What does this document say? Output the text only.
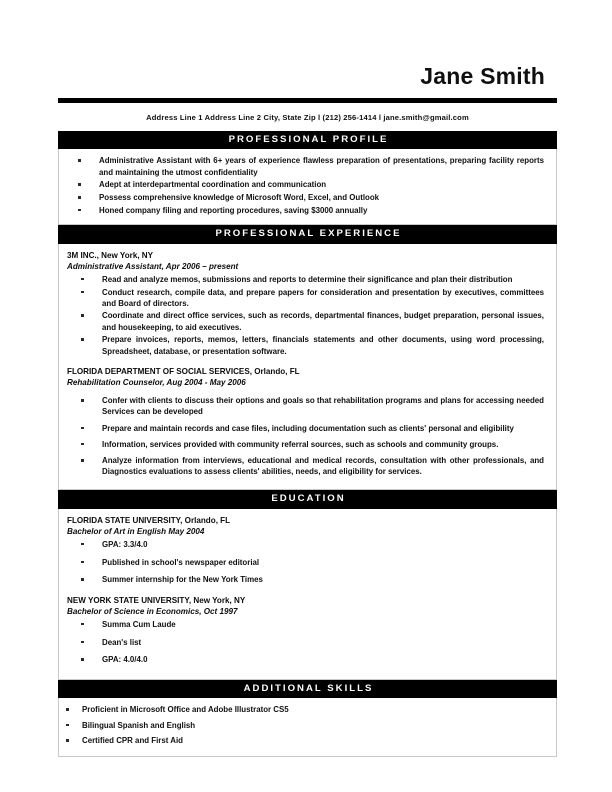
Jane Smith
Address Line 1 Address Line 2 City, State Zip l (212) 256-1414 l jane.smith@gmail.com
PROFESSIONAL PROFILE
Administrative Assistant with 6+ years of experience flawless preparation of presentations, preparing facility reports and maintaining the utmost confidentiality
Adept at interdepartmental coordination and communication
Possess comprehensive knowledge of Microsoft Word, Excel, and Outlook
Honed company filing and reporting procedures, saving $3000 annually
PROFESSIONAL EXPERIENCE
3M INC., New York, NY
Administrative Assistant, Apr 2006 – present
Read and analyze memos, submissions and reports to determine their significance and plan their distribution
Conduct research, compile data, and prepare papers for consideration and presentation by executives, committees and Board of directors.
Coordinate and direct office services, such as records, departmental finances, budget preparation, personal issues, and housekeeping, to aid executives.
Prepare invoices, reports, memos, letters, financials statements and other documents, using word processing, Spreadsheet, database, or presentation software.
FLORIDA DEPARTMENT OF SOCIAL SERVICES, Orlando, FL
Rehabilitation Counselor, Aug 2004 - May 2006
Confer with clients to discuss their options and goals so that rehabilitation programs and plans for accessing needed Services can be developed
Prepare and maintain records and case files, including documentation such as clients' personal and eligibility
Information, services provided with community referral sources, such as schools and community groups.
Analyze information from interviews, educational and medical records, consultation with other professionals, and Diagnostics evaluations to assess clients' abilities, needs, and eligibility for services.
EDUCATION
FLORIDA STATE UNIVERSITY, Orlando, FL
Bachelor of Art in English May 2004
GPA: 3.3/4.0
Published in school's newspaper editorial
Summer internship for the New York Times
NEW YORK STATE UNIVERSITY, New York, NY
Bachelor of Science in Economics, Oct 1997
Summa Cum Laude
Dean's list
GPA: 4.0/4.0
ADDITIONAL SKILLS
Proficient in Microsoft Office and Adobe Illustrator CS5
Bilingual Spanish and English
Certified CPR and First Aid
